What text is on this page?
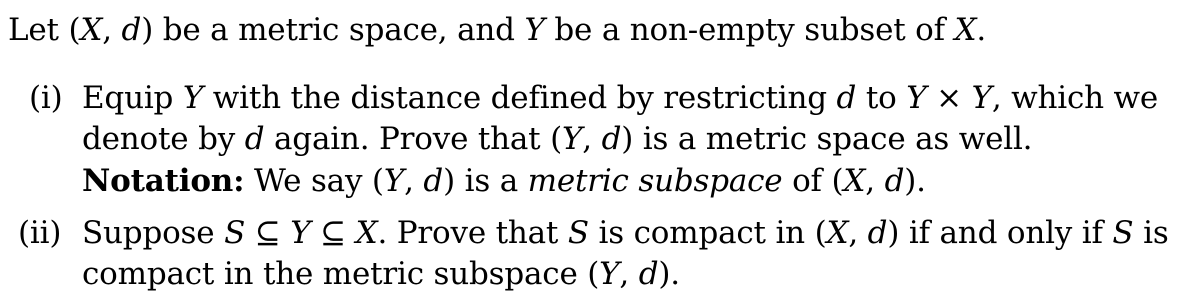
Let (X, d) be a metric space, and Y be a non-empty subset of X.
(i) Equip Y with the distance defined by restricting d to Y × Y, which we
denote by d again. Prove that (Y, d) is a metric space as well.
Notation: We say (Y, d) is a metric subspace of (X, d).
(ii) Suppose S ⊆ Y ⊆ X. Prove that S is compact in (X, d) if and only if S is
compact in the metric subspace (Y, d).
